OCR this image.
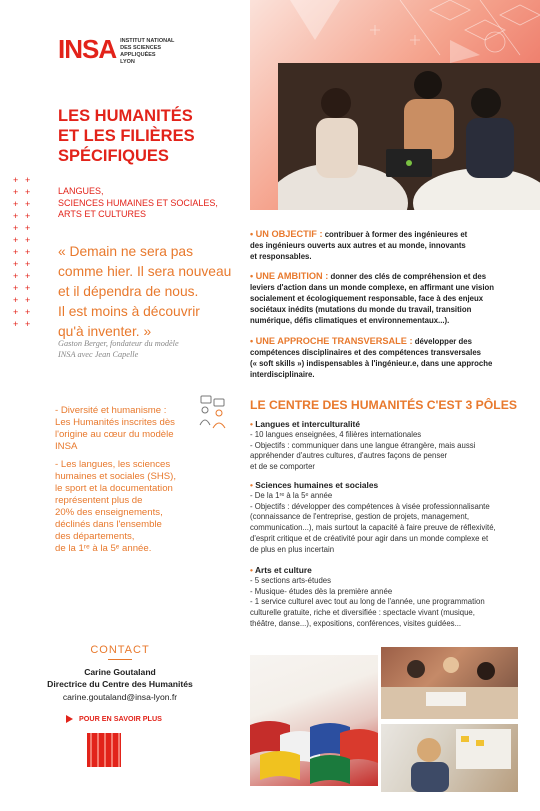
INSA INSTITUT NATIONAL
DES SCIENCES
APPLIQUÉES
LYON
LES HUMANITÉS
ET LES FILIÈRES
SPÉCIFIQUES
LANGUES,
SCIENCES HUMAINES ET SOCIALES,
ARTS ET CULTURES
+ +
+ +
+ +
+ +
+ +
+ +
+ +
+ +
+ +
+ +
+ +
+ +
+ +
« Demain ne sera pas
comme hier. Il sera nouveau
et il dépendra de nous.
Il est moins à découvrir
qu'à inventer. »
Gaston Berger, fondateur du modèle
INSA avec Jean Capelle
- Diversité et humanisme :
Les Humanités inscrites dès
l'origine au cœur du modèle
INSA
- Les langues, les sciences
humaines et sociales (SHS),
le sport et la documentation
représentent plus de
20% des enseignements,
déclinés dans l'ensemble
des départements,
de la 1ʳᵉ à la 5ᵉ année.
CONTACT
Carine Goutaland
Directrice du Centre des Humanités
carine.goutaland@insa-lyon.fr
POUR EN SAVOIR PLUS
• UN OBJECTIF : contribuer à former des ingénieures et
des ingénieurs ouverts aux autres et au monde, innovants
et responsables.
• UNE AMBITION : donner des clés de compréhension et des
leviers d'action dans un monde complexe, en affirmant une vision
socialement et écologiquement responsable, face à des enjeux
sociétaux inédits (mutations du monde du travail, transition
numérique, défis climatiques et environnementaux...).
• UNE APPROCHE TRANSVERSALE : développer des
compétences disciplinaires et des compétences transversales
(« soft skills ») indispensables à l'ingénieur.e, dans une approche
interdisciplinaire.
LE CENTRE DES HUMANITÉS C'EST 3 PÔLES
• Langues et interculturalité
- 10 langues enseignées, 4 filières internationales
- Objectifs : communiquer dans une langue étrangère, mais aussi
appréhender d'autres cultures, d'autres façons de penser
et de se comporter
• Sciences humaines et sociales
- De la 1ʳᵉ à la 5ᵉ année
- Objectifs : développer des compétences à visée professionnalisante
(connaissance de l'entreprise, gestion de projets, management,
communication...), mais surtout la capacité à faire preuve de réflexivité,
d'esprit critique et de créativité pour agir dans un monde complexe et
de plus en plus incertain
• Arts et culture
- 5 sections arts-études
- Musique- études dès la première année
- 1 service culturel avec tout au long de l'année, une programmation
culturelle gratuite, riche et diversifiée : spectacle vivant (musique,
théâtre, danse...), expositions, conférences, visites guidées...
